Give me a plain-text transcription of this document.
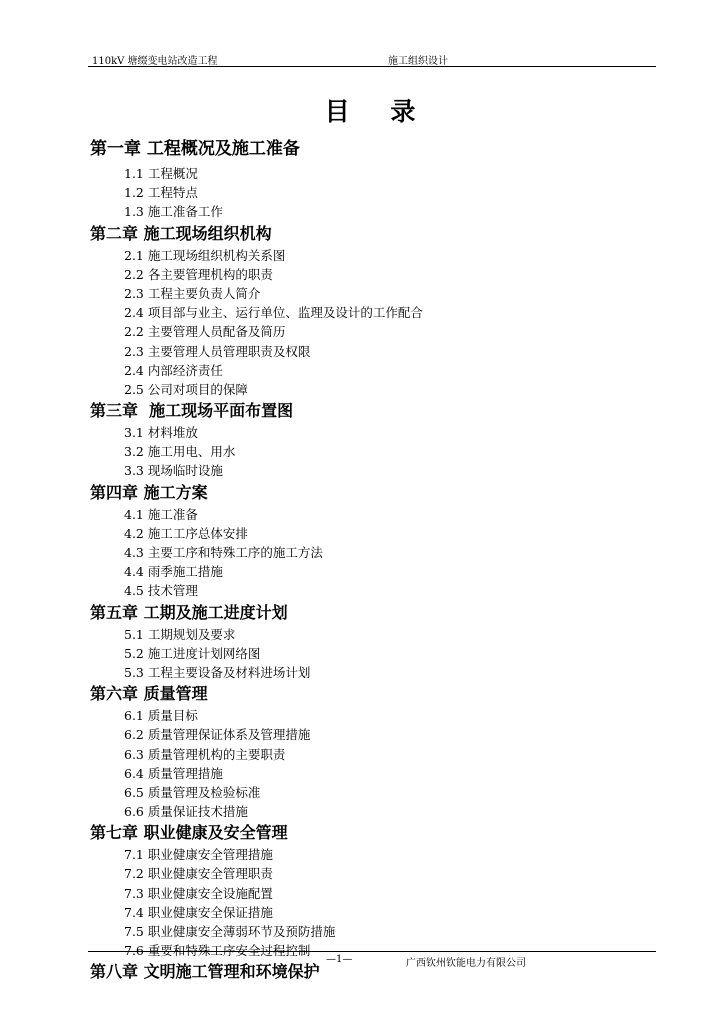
110kV 塘缀变电站改造工程	施工组织设计
目 录
第一章 工程概况及施工准备
1.1 工程概况
1.2 工程特点
1.3 施工准备工作
第二章 施工现场组织机构
2.1 施工现场组织机构关系图
2.2 各主要管理机构的职责
2.3 工程主要负责人简介
2.4 项目部与业主、运行单位、监理及设计的工作配合
2.2 主要管理人员配备及简历
2.3 主要管理人员管理职责及权限
2.4 内部经济责任
2.5 公司对项目的保障
第三章  施工现场平面布置图
3.1 材料堆放
3.2 施工用电、用水
3.3 现场临时设施
第四章 施工方案
4.1 施工准备
4.2 施工工序总体安排
4.3 主要工序和特殊工序的施工方法
4.4 雨季施工措施
4.5 技术管理
第五章 工期及施工进度计划
5.1 工期规划及要求
5.2 施工进度计划网络图
5.3 工程主要设备及材料进场计划
第六章 质量管理
6.1 质量目标
6.2 质量管理保证体系及管理措施
6.3 质量管理机构的主要职责
6.4 质量管理措施
6.5 质量管理及检验标准
6.6 质量保证技术措施
第七章 职业健康及安全管理
7.1 职业健康安全管理措施
7.2 职业健康安全管理职责
7.3 职业健康安全设施配置
7.4 职业健康安全保证措施
7.5 职业健康安全薄弱环节及预防措施
7.6 重要和特殊工序安全过程控制
第八章 文明施工管理和环境保护
—1—	广西钦州钦能电力有限公司
